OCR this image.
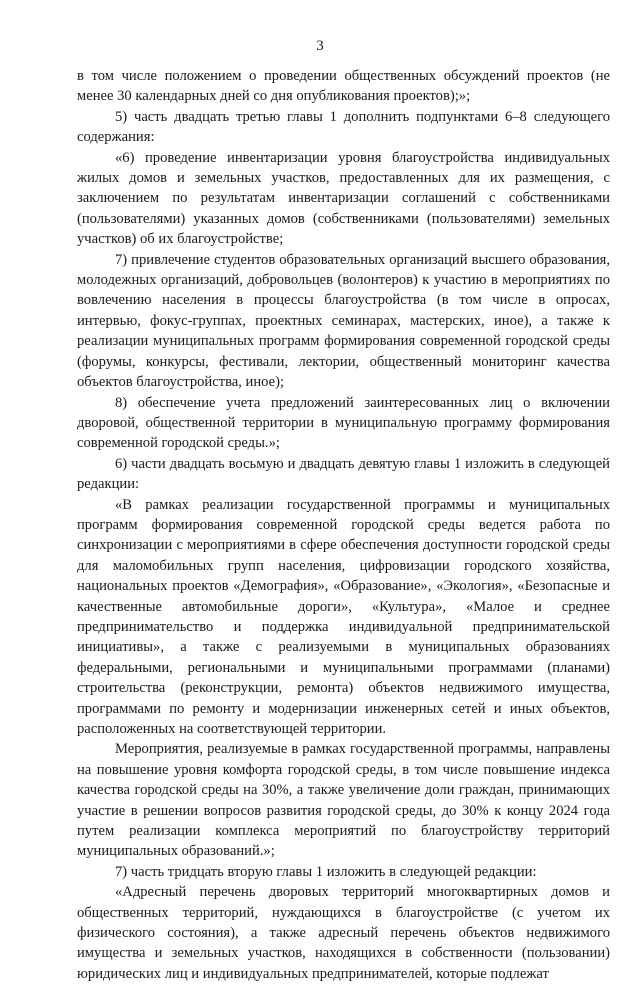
3

в том числе положением о проведении общественных обсуждений проектов (не менее 30 календарных дней со дня опубликования проектов);»;

5) часть двадцать третью главы 1 дополнить подпунктами 6–8 следующего содержания:

«6) проведение инвентаризации уровня благоустройства индивидуальных жилых домов и земельных участков, предоставленных для их размещения, с заключением по результатам инвентаризации соглашений с собственниками (пользователями) указанных домов (собственниками (пользователями) земельных участков) об их благоустройстве;

7) привлечение студентов образовательных организаций высшего образования, молодежных организаций, добровольцев (волонтеров) к участию в мероприятиях по вовлечению населения в процессы благоустройства (в том числе в опросах, интервью, фокус-группах, проектных семинарах, мастерских, иное), а также к реализации муниципальных программ формирования современной городской среды (форумы, конкурсы, фестивали, лектории, общественный мониторинг качества объектов благоустройства, иное);

8) обеспечение учета предложений заинтересованных лиц о включении дворовой, общественной территории в муниципальную программу формирования современной городской среды.»;

6) части двадцать восьмую и двадцать девятую главы 1 изложить в следующей редакции:

«В рамках реализации государственной программы и муниципальных программ формирования современной городской среды ведется работа по синхронизации с мероприятиями в сфере обеспечения доступности городской среды для маломобильных групп населения, цифровизации городского хозяйства, национальных проектов «Демография», «Образование», «Экология», «Безопасные и качественные автомобильные дороги», «Культура», «Малое и среднее предпринимательство и поддержка индивидуальной предпринимательской инициативы», а также с реализуемыми в муниципальных образованиях федеральными, региональными и муниципальными программами (планами) строительства (реконструкции, ремонта) объектов недвижимого имущества, программами по ремонту и модернизации инженерных сетей и иных объектов, расположенных на соответствующей территории.

Мероприятия, реализуемые в рамках государственной программы, направлены на повышение уровня комфорта городской среды, в том числе повышение индекса качества городской среды на 30%, а также увеличение доли граждан, принимающих участие в решении вопросов развития городской среды, до 30% к концу 2024 года путем реализации комплекса мероприятий по благоустройству территорий муниципальных образований.»;

7) часть тридцать вторую главы 1 изложить в следующей редакции:

«Адресный перечень дворовых территорий многоквартирных домов и общественных территорий, нуждающихся в благоустройстве (с учетом их физического состояния), а также адресный перечень объектов недвижимого имущества и земельных участков, находящихся в собственности (пользовании) юридических лиц и индивидуальных предпринимателей, которые подлежат
